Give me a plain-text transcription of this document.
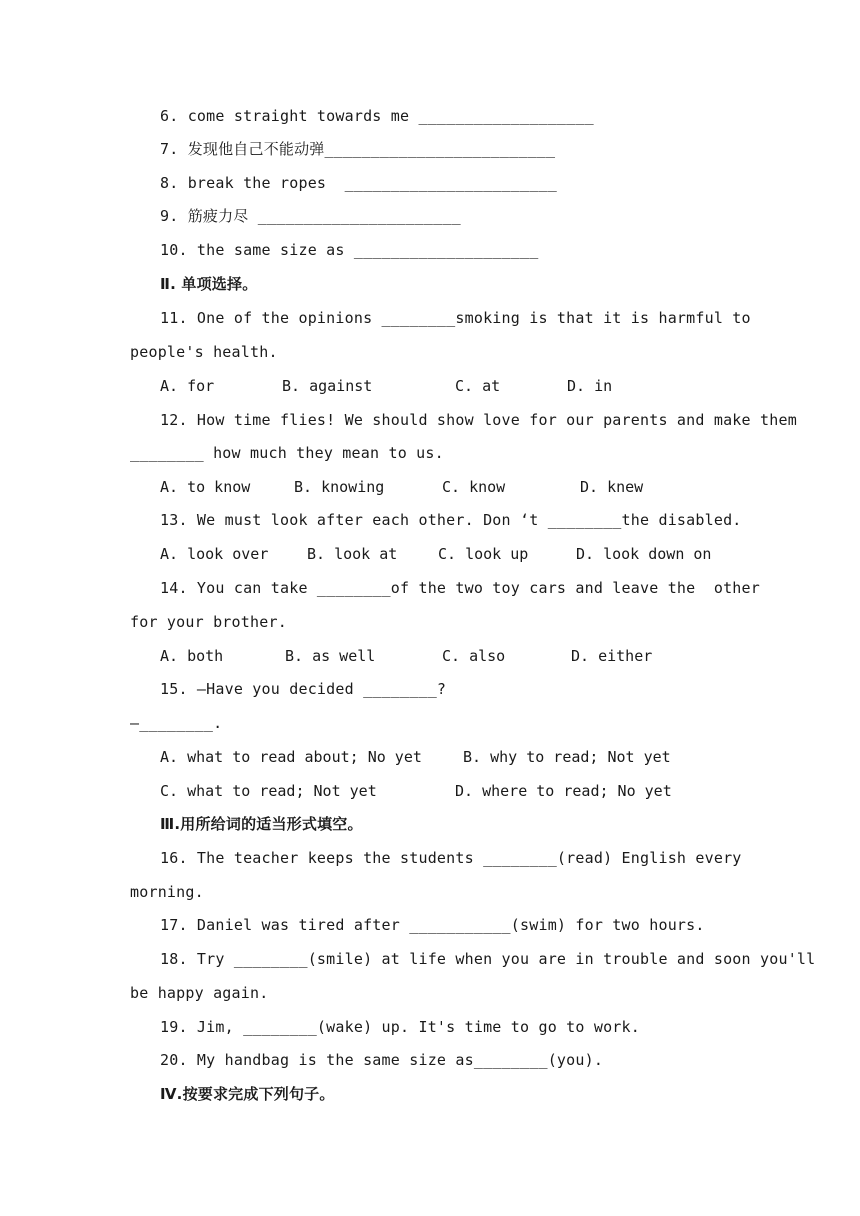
6. come straight towards me ___________________
7. 发现他自己不能动弹_________________________
8. break the ropes  _______________________
9. 筋疲力尽 ______________________
10. the same size as ____________________
Ⅱ. 单项选择。
11. One of the opinions ________smoking is that it is harmful to
people's health.
A. for	B. against	C. at	D. in
12. How time flies! We should show love for our parents and make them
________ how much they mean to us.
A. to know	B. knowing	C. know	D. knew
13. We must look after each other. Don ‘t ________the disabled.
A. look over	B. look at	C. look up	D. look down on
14. You can take ________of the two toy cars and leave the  other
for your brother.
A. both	B. as well	C. also	D. either
15. —Have you decided ________?
—________.
A. what to read about; No yet	B. why to read; Not yet
C. what to read; Not yet	D. where to read; No yet
Ⅲ.用所给词的适当形式填空。
16. The teacher keeps the students ________(read) English every
morning.
17. Daniel was tired after ___________(swim) for two hours.
18. Try ________(smile) at life when you are in trouble and soon you'll
be happy again.
19. Jim, ________(wake) up. It's time to go to work.
20. My handbag is the same size as________(you).
Ⅳ.按要求完成下列句子。
